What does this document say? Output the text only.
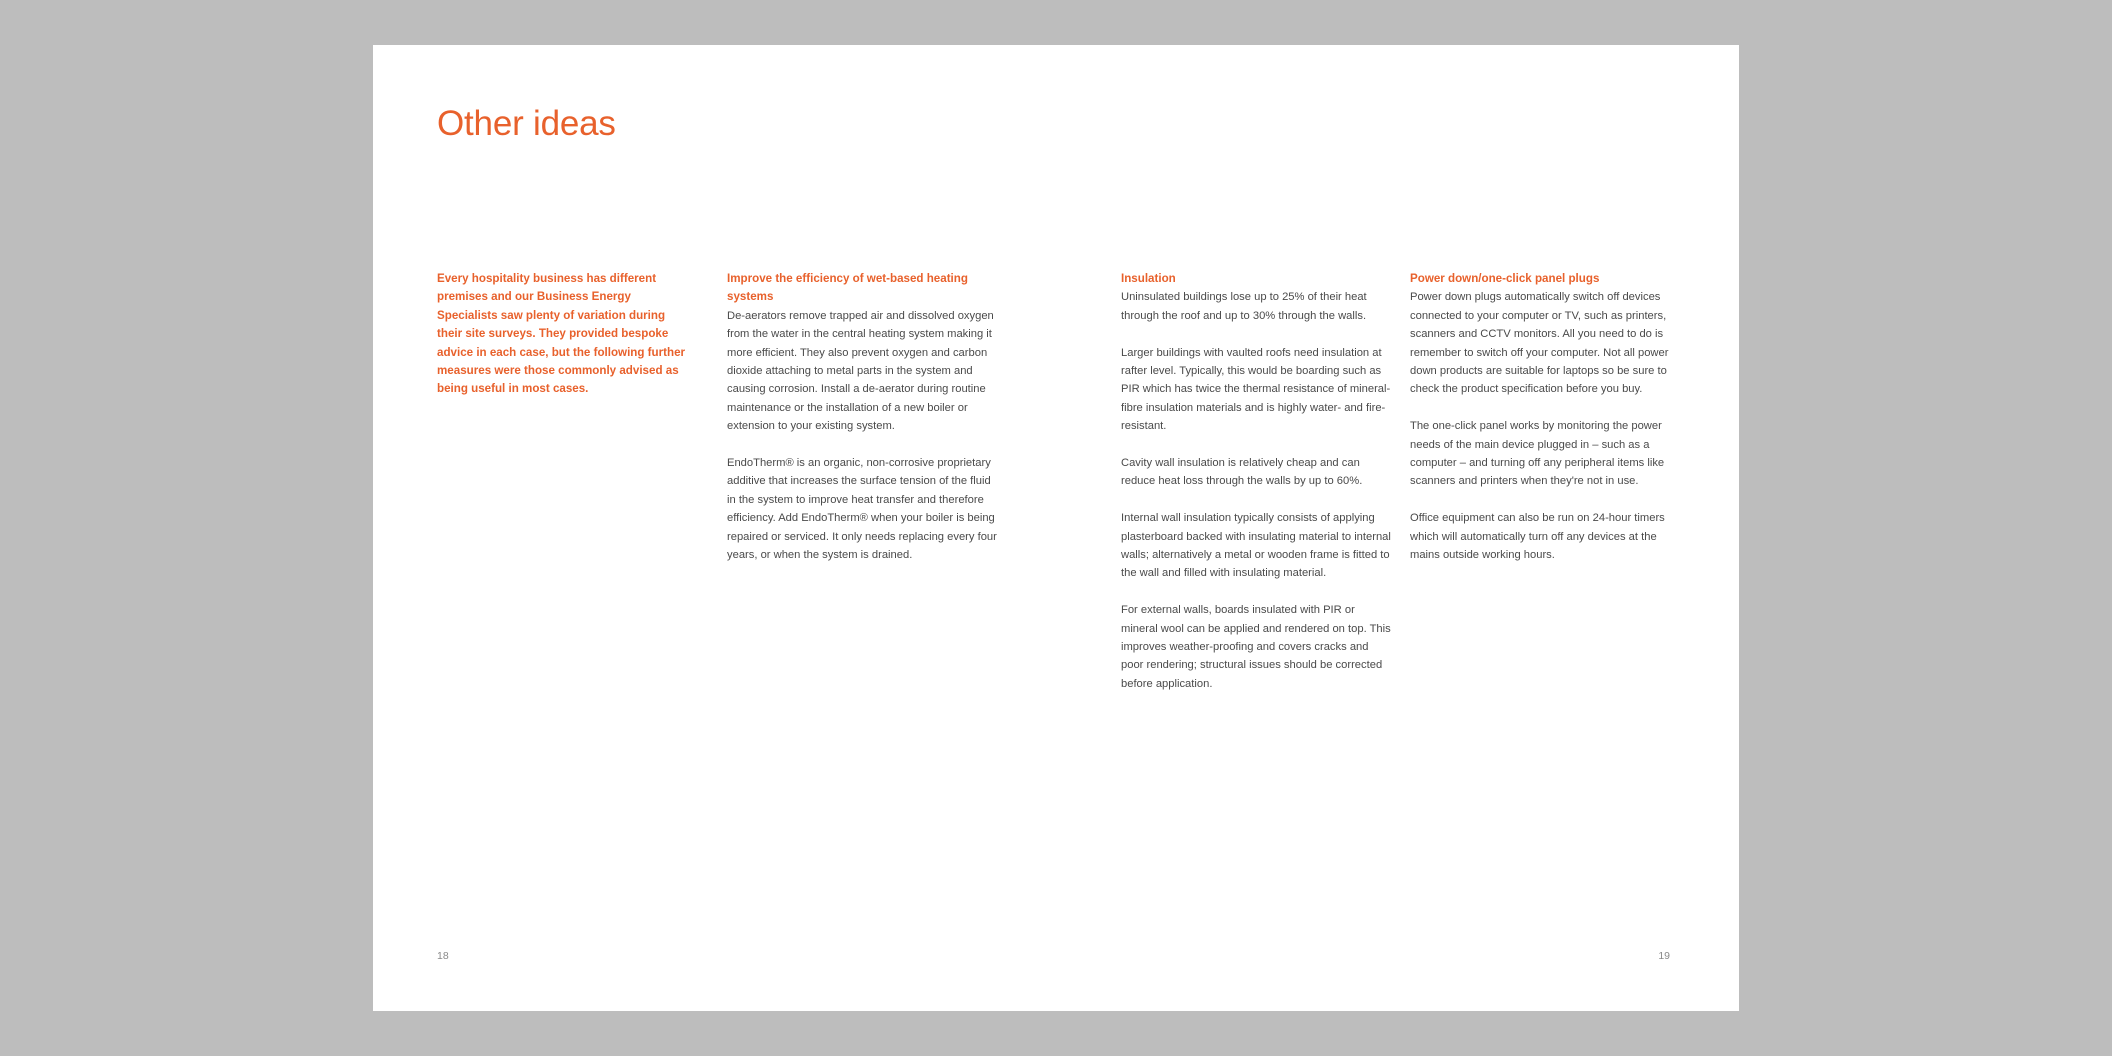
Other ideas

Every hospitality business has different premises and our Business Energy Specialists saw plenty of variation during their site surveys. They provided bespoke advice in each case, but the following further measures were those commonly advised as being useful in most cases.

Improve the efficiency of wet-based heating systems

De-aerators remove trapped air and dissolved oxygen from the water in the central heating system making it more efficient. They also prevent oxygen and carbon dioxide attaching to metal parts in the system and causing corrosion. Install a de-aerator during routine maintenance or the installation of a new boiler or extension to your existing system.

EndoTherm® is an organic, non-corrosive proprietary additive that increases the surface tension of the fluid in the system to improve heat transfer and therefore efficiency. Add EndoTherm® when your boiler is being repaired or serviced. It only needs replacing every four years, or when the system is drained.

Insulation

Uninsulated buildings lose up to 25% of their heat through the roof and up to 30% through the walls.

Larger buildings with vaulted roofs need insulation at rafter level. Typically, this would be boarding such as PIR which has twice the thermal resistance of mineral-fibre insulation materials and is highly water- and fire-resistant.

Cavity wall insulation is relatively cheap and can reduce heat loss through the walls by up to 60%.

Internal wall insulation typically consists of applying plasterboard backed with insulating material to internal walls; alternatively a metal or wooden frame is fitted to the wall and filled with insulating material.

For external walls, boards insulated with PIR or mineral wool can be applied and rendered on top. This improves weather-proofing and covers cracks and poor rendering; structural issues should be corrected before application.

Power down/one-click panel plugs

Power down plugs automatically switch off devices connected to your computer or TV, such as printers, scanners and CCTV monitors. All you need to do is remember to switch off your computer. Not all power down products are suitable for laptops so be sure to check the product specification before you buy.

The one-click panel works by monitoring the power needs of the main device plugged in – such as a computer – and turning off any peripheral items like scanners and printers when they're not in use.

Office equipment can also be run on 24-hour timers which will automatically turn off any devices at the mains outside working hours.

18	19
